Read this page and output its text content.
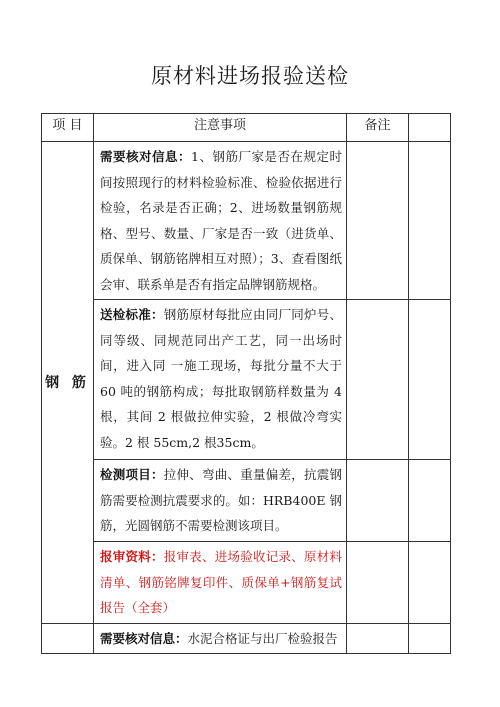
原材料进场报验送检
项 目	注意事项	备注	
钢 筋	需要核对信息：1、钢筋厂家是否在规定时间按照现行的材料检验标准、检验依据进行检验，名录是否正确；2、进场数量钢筋规格、型号、数量、厂家是否一致（进货单、质保单、钢筋铭牌相互对照）；3、查看图纸会审、联系单是否有指定品牌钢筋规格。		
	送检标准：钢筋原材每批应由同厂同炉号、同等级、同规范同出产工艺，同一出场时间，进入同 一施工现场，每批分量不大于 60 吨的钢筋构成；每批取钢筋样数量为 4 根，其间 2 根做拉伸实验，2 根做冷弯实验。2 根 55cm,2 根35cm。		
	检测项目：拉伸、弯曲、重量偏差，抗震钢筋需要检测抗震要求的。如：HRB400E 钢筋，光圆钢筋不需要检测该项目。		
	报审资料：报审表、进场验收记录、原材料清单、钢筋铭牌复印件、质保单+钢筋复试报告（全套）		
	需要核对信息：水泥合格证与出厂检验报告		
